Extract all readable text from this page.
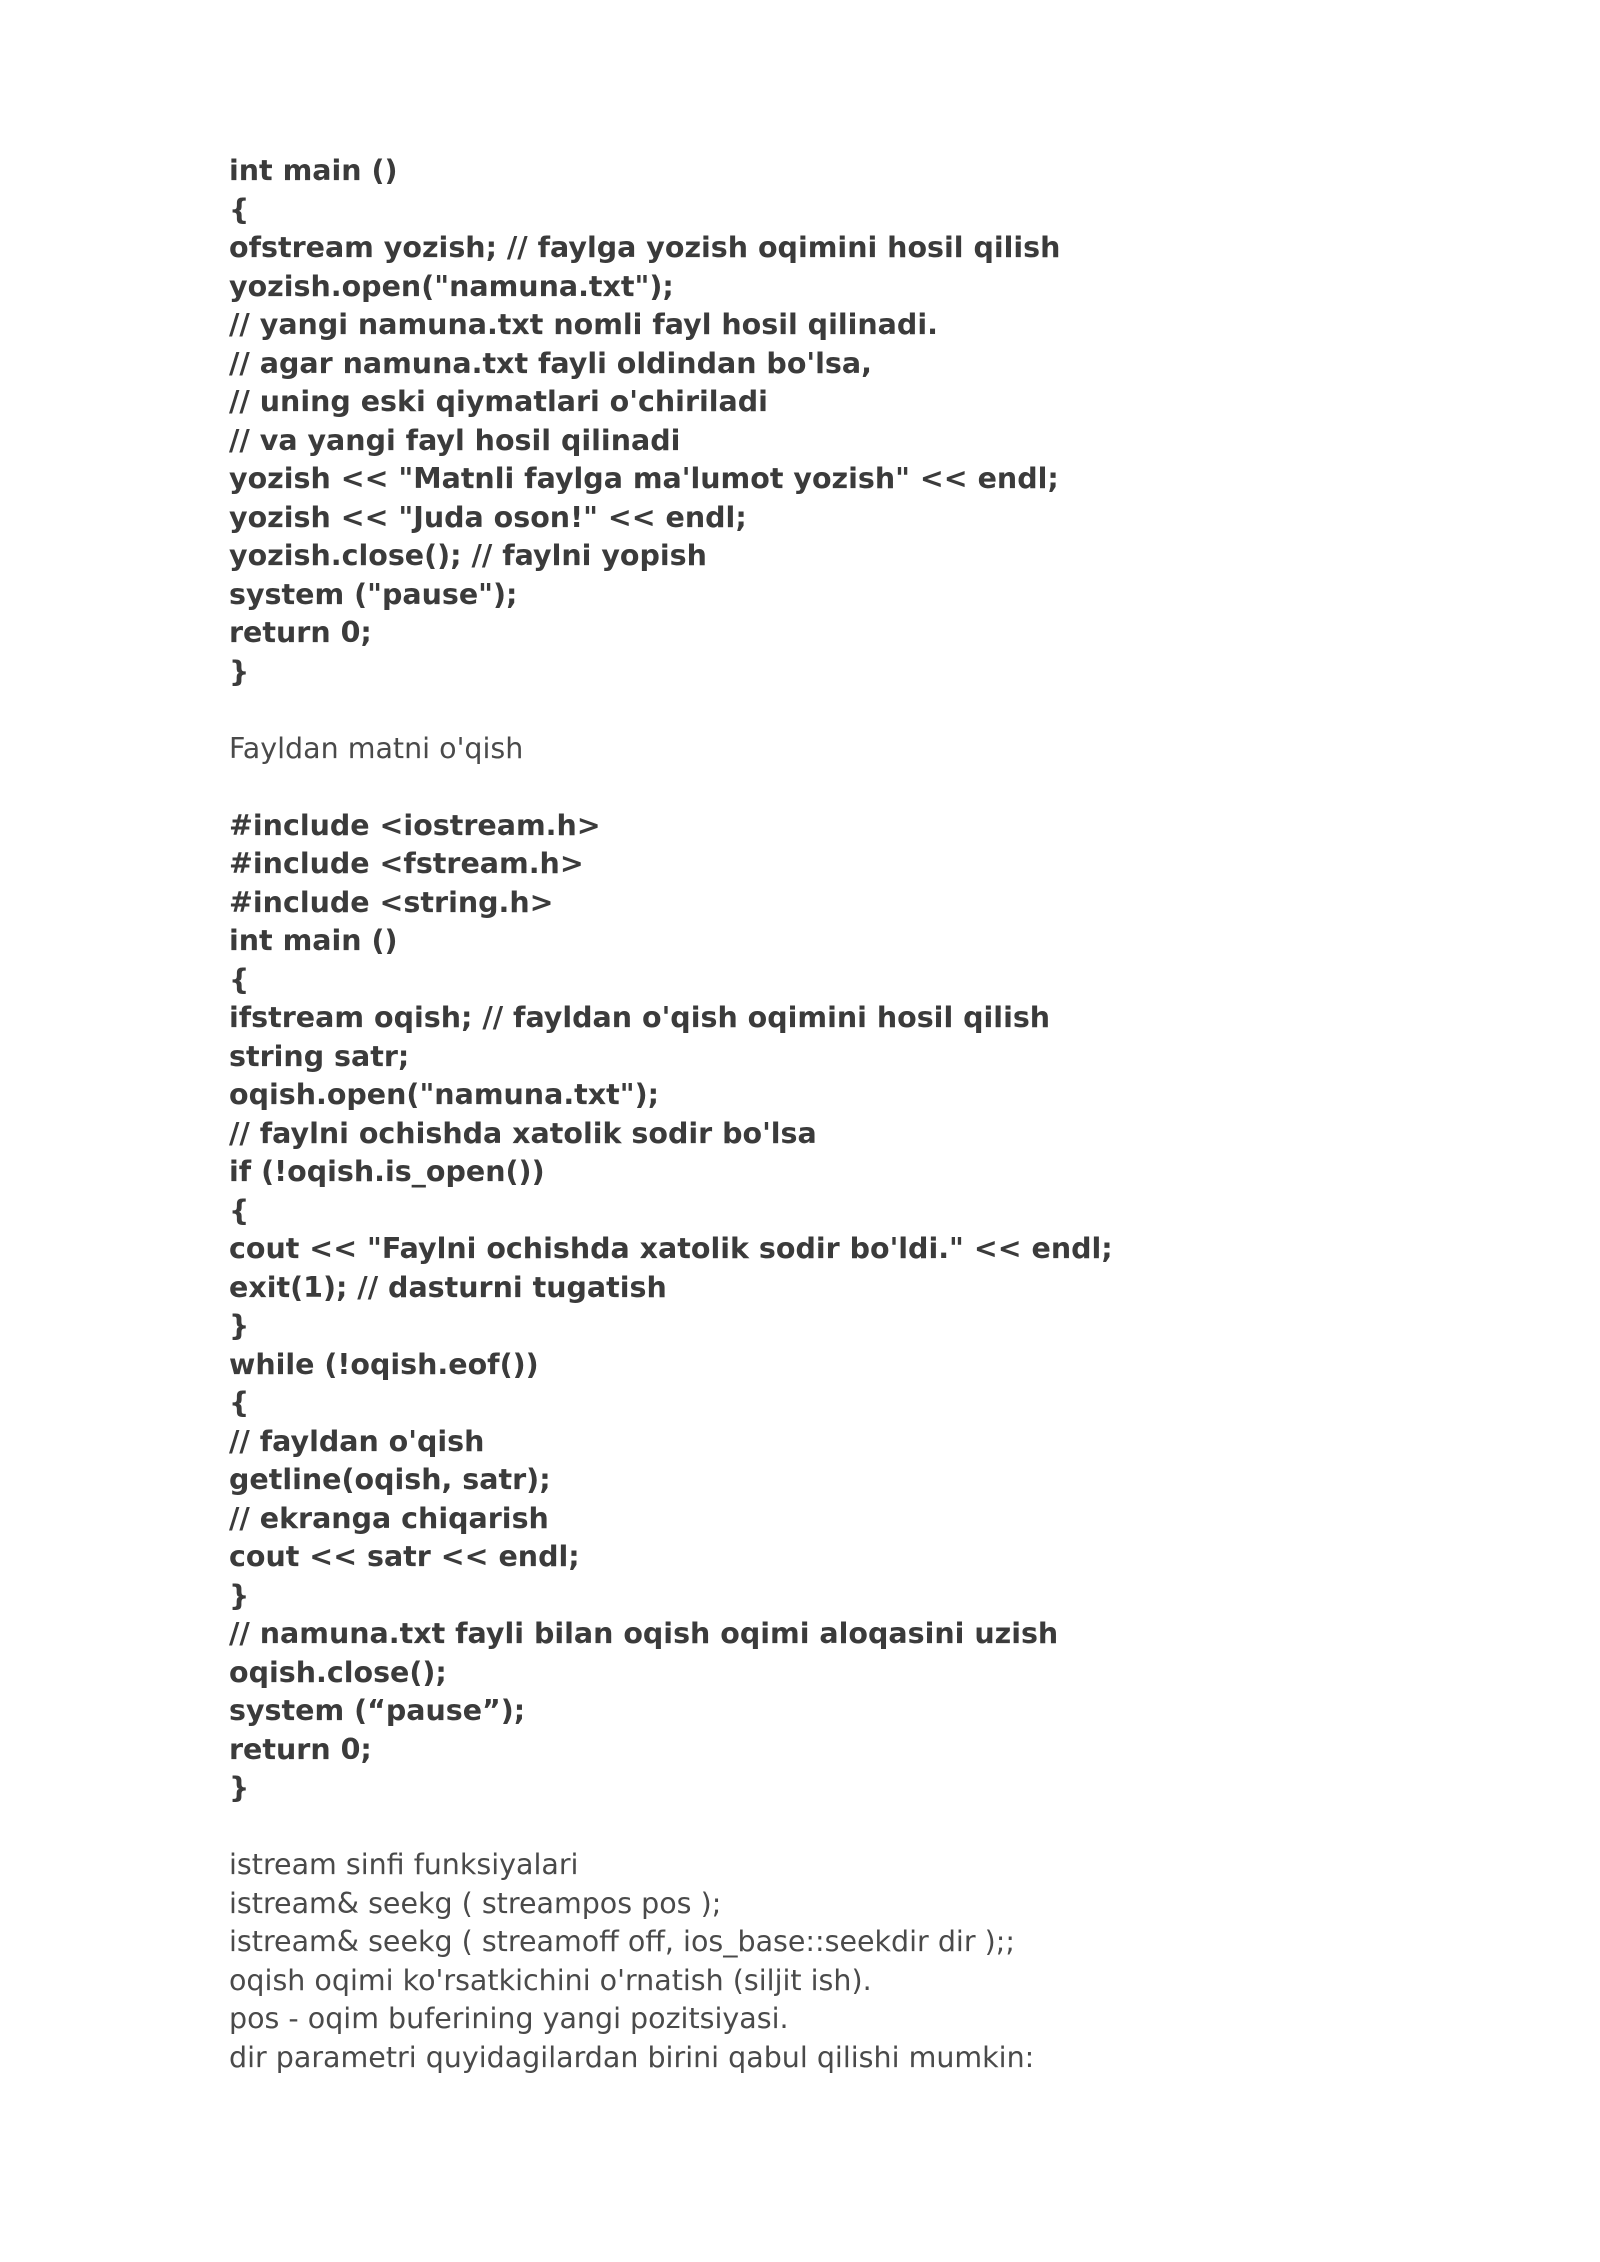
int main ()
{
ofstream yozish; // faylga yozish oqimini hosil qilish
yozish.open("namuna.txt");
// yangi namuna.txt nomli fayl hosil qilinadi.
// agar namuna.txt fayli oldindan bo'lsa,
// uning eski qiymatlari o'chiriladi
// va yangi fayl hosil qilinadi
yozish << "Matnli faylga ma'lumot yozish" << endl;
yozish << "Juda oson!" << endl;
yozish.close(); // faylni yopish
system ("pause");
return 0;
}
Fayldan matni o'qish
#include <iostream.h>
#include <fstream.h>
#include <string.h>
int main ()
{
ifstream oqish; // fayldan o'qish oqimini hosil qilish
string satr;
oqish.open("namuna.txt");
// faylni ochishda xatolik sodir bo'lsa
if (!oqish.is_open())
{
cout << "Faylni ochishda xatolik sodir bo'ldi." << endl;
exit(1); // dasturni tugatish
}
while (!oqish.eof())
{
// fayldan o'qish
getline(oqish, satr);
// ekranga chiqarish
cout << satr << endl;
}
// namuna.txt fayli bilan oqish oqimi aloqasini uzish
oqish.close();
system (“pause”);
return 0;
}
istream sinfi funksiyalari
istream& seekg ( streampos pos );
istream& seekg ( streamoff off, ios_base::seekdir dir );;
oqish oqimi ko'rsatkichini o'rnatish (siljit ish).
pos - oqim buferining yangi pozitsiyasi.
dir parametri quyidagilardan birini qabul qilishi mumkin:
